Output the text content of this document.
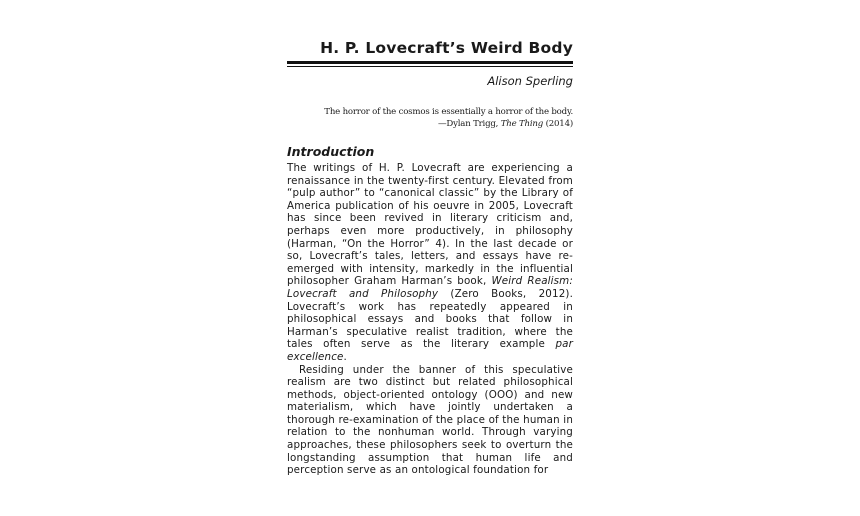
H. P. Lovecraft’s Weird Body
Alison Sperling
The horror of the cosmos is essentially a horror of the body.
—Dylan Trigg, The Thing (2014)
Introduction

The writings of H. P. Lovecraft are experiencing a renaissance in the twenty-first century. Elevated from “pulp author” to “canonical classic” by the Library of America publication of his oeuvre in 2005, Lovecraft has since been revived in literary criticism and, perhaps even more productively, in philosophy (Harman, “On the Horror” 4). In the last decade or so, Lovecraft’s tales, letters, and essays have re-emerged with intensity, markedly in the influential philosopher Graham Harman’s book, Weird Realism: Lovecraft and Philosophy (Zero Books, 2012). Lovecraft’s work has repeatedly appeared in philosophical essays and books that follow in Harman’s speculative realist tradition, where the tales often serve as the literary example par excellence.

Residing under the banner of this speculative realism are two distinct but related philosophical methods, object-oriented ontology (OOO) and new materialism, which have jointly undertaken a thorough re-examination of the place of the human in relation to the nonhuman world. Through varying approaches, these philosophers seek to overturn the longstanding assumption that human life and perception serve as an ontological foundation for
